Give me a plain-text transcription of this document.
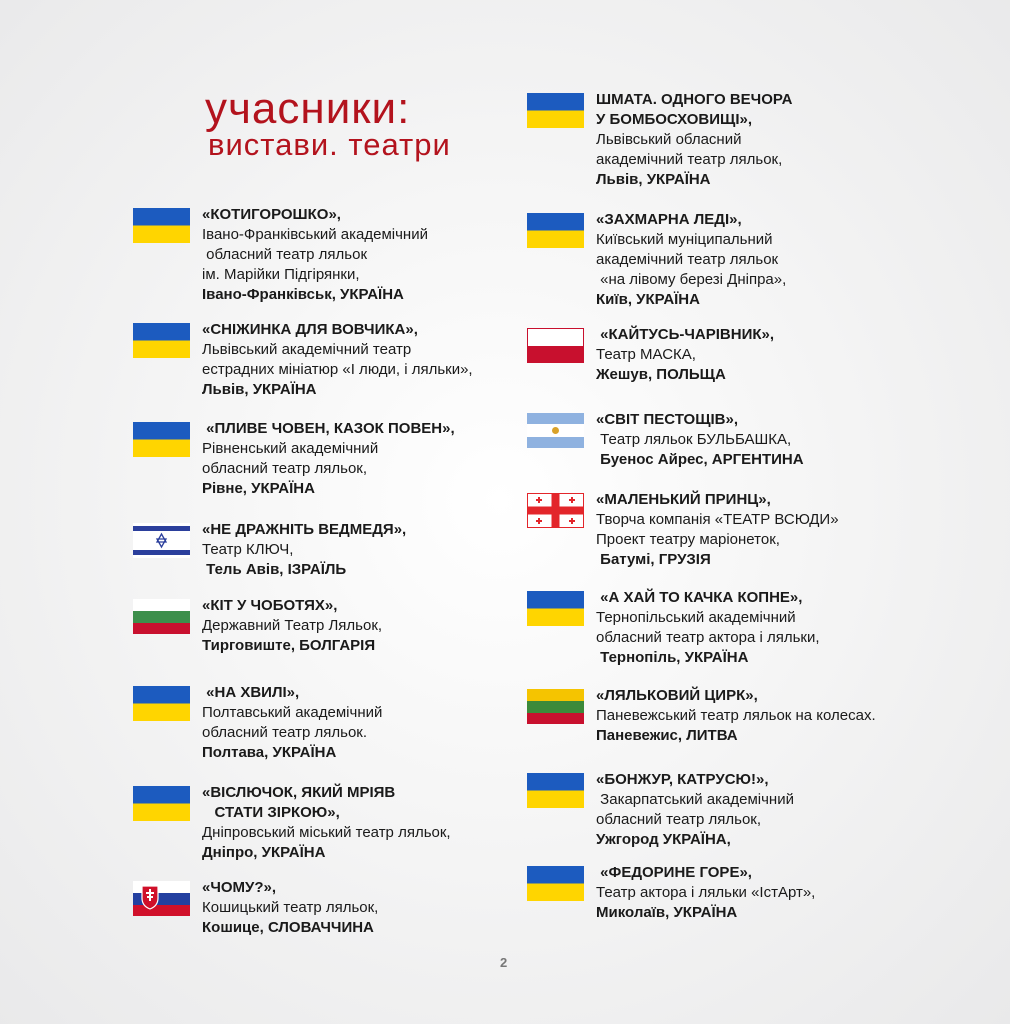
учасники:
вистави. театри
«КОТИГОРОШКО»,
Івано-Франківський академічний
обласний театр ляльок
ім. Марійки Підгірянки,
Івано-Франківськ, УКРАЇНА
«СНІЖИНКА ДЛЯ ВОВЧИКА»,
Львівський академічний театр
естрадних мініатюр «І люди, і ляльки»,
Львів, УКРАЇНА
«ПЛИВЕ ЧОВЕН, КАЗОК ПОВЕН»,
Рівненський академічний
обласний театр ляльок,
Рівне, УКРАЇНА
«НЕ ДРАЖНІТЬ ВЕДМЕДЯ»,
Театр КЛЮЧ,
Тель Авів, ІЗРАЇЛЬ
«КІТ У ЧОБОТЯХ»,
Державний Театр Ляльок,
Тирговиште, БОЛГАРІЯ
«НА ХВИЛІ»,
Полтавський академічний
обласний театр ляльок.
Полтава, УКРАЇНА
«ВІСЛЮЧОК, ЯКИЙ МРІЯВ
СТАТИ ЗІРКОЮ»,
Дніпровський міський театр ляльок,
Дніпро, УКРАЇНА
«ЧОМУ?»,
Кошицький театр ляльок,
Кошице, СЛОВАЧЧИНА
ШМАТА. ОДНОГО ВЕЧОРА
У БОМБОСХОВИЩІ»,
Львівський обласний
академічний театр ляльок,
Львів, УКРАЇНА
«ЗАХМАРНА ЛЕДІ»,
Київський муніципальний
академічний театр ляльок
«на лівому березі Дніпра»,
Київ, УКРАЇНА
«КАЙТУСЬ-ЧАРІВНИК»,
Театр МАСКА,
Жешув, ПОЛЬЩА
«СВІТ ПЕСТОЩІВ»,
Театр ляльок БУЛЬБАШКА,
Буенос Айрес, АРГЕНТИНА
«МАЛЕНЬКИЙ ПРИНЦ»,
Творча компанія «ТЕАТР ВСЮДИ»
Проект театру маріонеток,
Батумі, ГРУЗІЯ
«А ХАЙ ТО КАЧКА КОПНЕ»,
Тернопільський академічний
обласний театр актора і ляльки,
Тернопіль, УКРАЇНА
«ЛЯЛЬКОВИЙ ЦИРК»,
Паневежський театр ляльок на колесах.
Паневежис, ЛИТВА
«БОНЖУР, КАТРУСЮ!»,
Закарпатський академічний
обласний театр ляльок,
Ужгород УКРАЇНА,
«ФЕДОРИНЕ ГОРЕ»,
Театр актора і ляльки «ІстАрт»,
Миколаїв, УКРАЇНА
2
